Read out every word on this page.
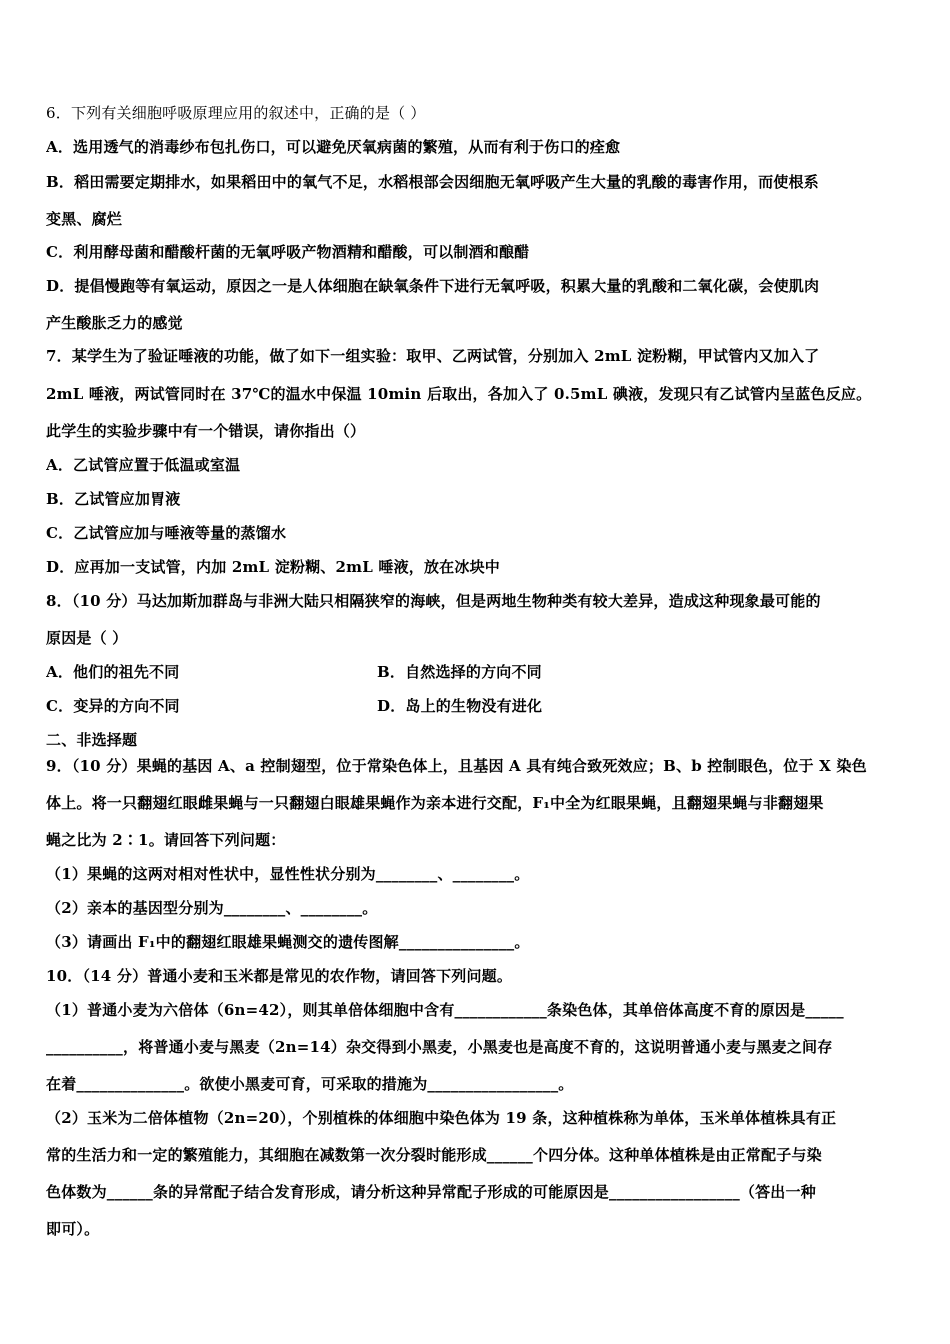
6．下列有关细胞呼吸原理应用的叙述中，正确的是（ ）
A．选用透气的消毒纱布包扎伤口，可以避免厌氧病菌的繁殖，从而有利于伤口的痊愈
B．稻田需要定期排水，如果稻田中的氧气不足，水稻根部会因细胞无氧呼吸产生大量的乳酸的毒害作用，而使根系
变黑、腐烂
C．利用酵母菌和醋酸杆菌的无氧呼吸产物酒精和醋酸，可以制酒和酿醋
D．提倡慢跑等有氧运动，原因之一是人体细胞在缺氧条件下进行无氧呼吸，积累大量的乳酸和二氧化碳，会使肌肉
产生酸胀乏力的感觉
7．某学生为了验证唾液的功能，做了如下一组实验：取甲、乙两试管，分别加入 2mL 淀粉糊，甲试管内又加入了
2mL 唾液，两试管同时在 37℃的温水中保温 10min 后取出，各加入了 0.5mL 碘液，发现只有乙试管内呈蓝色反应。
此学生的实验步骤中有一个错误，请你指出（）
A．乙试管应置于低温或室温
B．乙试管应加胃液
C．乙试管应加与唾液等量的蒸馏水
D．应再加一支试管，内加 2mL 淀粉糊、2mL 唾液，放在冰块中
8．（10 分）马达加斯加群岛与非洲大陆只相隔狭窄的海峡，但是两地生物种类有较大差异，造成这种现象最可能的
原因是（ ）
A．他们的祖先不同	B．自然选择的方向不同
C．变异的方向不同	D．岛上的生物没有进化
二、非选择题
9．（10 分）果蝇的基因 A、a 控制翅型，位于常染色体上，且基因 A 具有纯合致死效应；B、b 控制眼色，位于 X 染色
体上。将一只翻翅红眼雌果蝇与一只翻翅白眼雄果蝇作为亲本进行交配，F₁中全为红眼果蝇，且翻翅果蝇与非翻翅果
蝇之比为 2∶1。请回答下列问题：
（1）果蝇的这两对相对性状中，显性性状分别为________、________。
（2）亲本的基因型分别为________、________。
（3）请画出 F₁中的翻翅红眼雄果蝇测交的遗传图解_______________。
10．（14 分）普通小麦和玉米都是常见的农作物，请回答下列问题。
（1）普通小麦为六倍体（6n=42），则其单倍体细胞中含有____________条染色体，其单倍体高度不育的原因是_____
__________，将普通小麦与黑麦（2n=14）杂交得到小黑麦，小黑麦也是高度不育的，这说明普通小麦与黑麦之间存
在着______________。欲使小黑麦可育，可采取的措施为_________________。
（2）玉米为二倍体植物（2n=20），个别植株的体细胞中染色体为 19 条，这种植株称为单体，玉米单体植株具有正
常的生活力和一定的繁殖能力，其细胞在减数第一次分裂时能形成______个四分体。这种单体植株是由正常配子与染
色体数为______条的异常配子结合发育形成，请分析这种异常配子形成的可能原因是_________________（答出一种
即可）。
